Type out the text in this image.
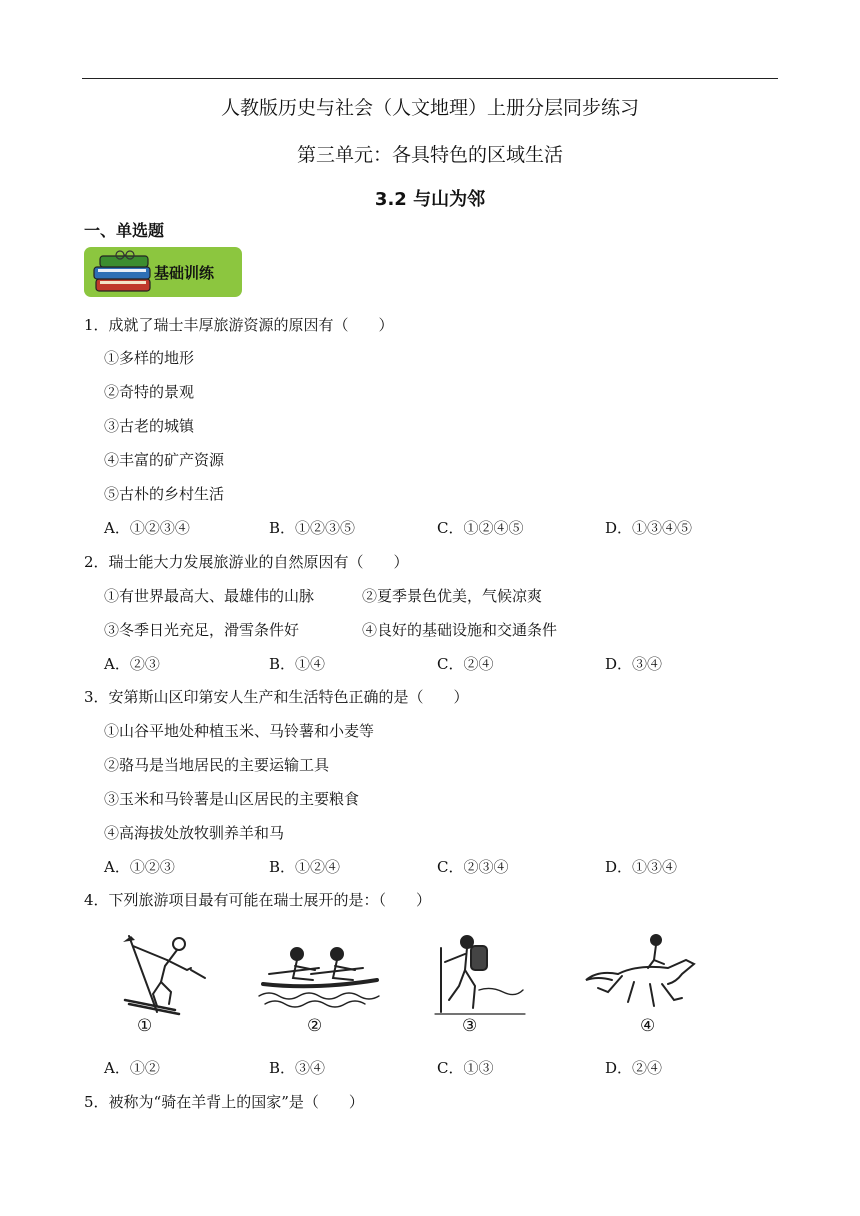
人教版历史与社会（人文地理）上册分层同步练习
第三单元：各具特色的区域生活
3.2 与山为邻
一、单选题
基础训练
1．成就了瑞士丰厚旅游资源的原因有（　　）
①多样的地形
②奇特的景观
③古老的城镇
④丰富的矿产资源
⑤古朴的乡村生活
A．①②③④	B．①②③⑤	C．①②④⑤	D．①③④⑤
2．瑞士能大力发展旅游业的自然原因有（　　）
①有世界最高大、最雄伟的山脉	②夏季景色优美，气候凉爽
③冬季日光充足，滑雪条件好	④良好的基础设施和交通条件
A．②③	B．①④	C．②④	D．③④
3．安第斯山区印第安人生产和生活特色正确的是（　　）
①山谷平地处种植玉米、马铃薯和小麦等
②骆马是当地居民的主要运输工具
③玉米和马铃薯是山区居民的主要粮食
④高海拔处放牧驯养羊和马
A．①②③	B．①②④	C．②③④	D．①③④
4．下列旅游项目最有可能在瑞士展开的是：（　　）
①	②	③	④
A．①②	B．③④	C．①③	D．②④
5．被称为“骑在羊背上的国家”是（　　）
